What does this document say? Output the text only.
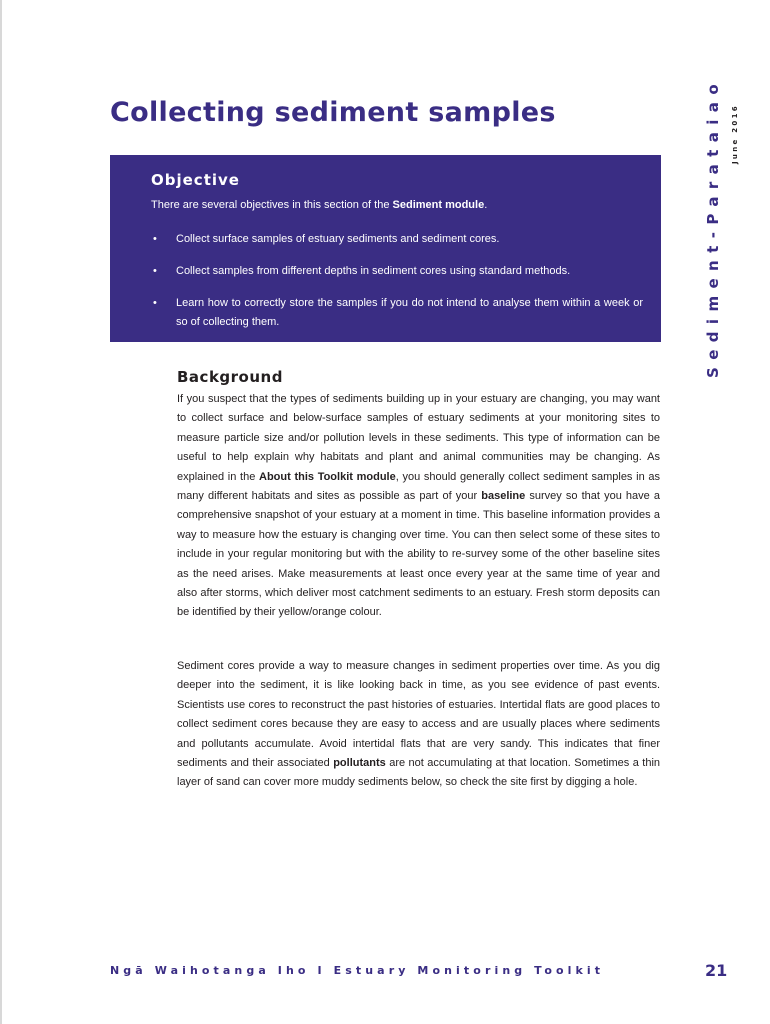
Collecting sediment samples
Objective

There are several objectives in this section of the Sediment module.

• Collect surface samples of estuary sediments and sediment cores.
• Collect samples from different depths in sediment cores using standard methods.
• Learn how to correctly store the samples if you do not intend to analyse them within a week or so of collecting them.
Background

If you suspect that the types of sediments building up in your estuary are changing, you may want to collect surface and below-surface samples of estuary sediments at your monitoring sites to measure particle size and/or pollution levels in these sediments. This type of information can be useful to help explain why habitats and plant and animal communities may be changing. As explained in the About this Toolkit module, you should generally collect sediment samples in as many different habitats and sites as possible as part of your baseline survey so that you have a comprehensive snapshot of your estuary at a moment in time. This baseline information provides a way to measure how the estuary is changing over time. You can then select some of these sites to include in your regular monitoring but with the ability to re-survey some of the other baseline sites as the need arises. Make measurements at least once every year at the same time of year and also after storms, which deliver most catchment sediments to an estuary. Fresh storm deposits can be identified by their yellow/orange colour.

Sediment cores provide a way to measure changes in sediment properties over time. As you dig deeper into the sediment, it is like looking back in time, as you see evidence of past events. Scientists use cores to reconstruct the past histories of estuaries. Intertidal flats are good places to collect sediment cores because they are easy to access and are usually places where sediments and pollutants accumulate. Avoid intertidal flats that are very sandy. This indicates that finer sediments and their associated pollutants are not accumulating at that location. Sometimes a thin layer of sand can cover more muddy sediments below, so check the site first by digging a hole.

Sediment-Parataiao June 2016
Ngā Waihotanga Iho I Estuary Monitoring Toolkit	21
